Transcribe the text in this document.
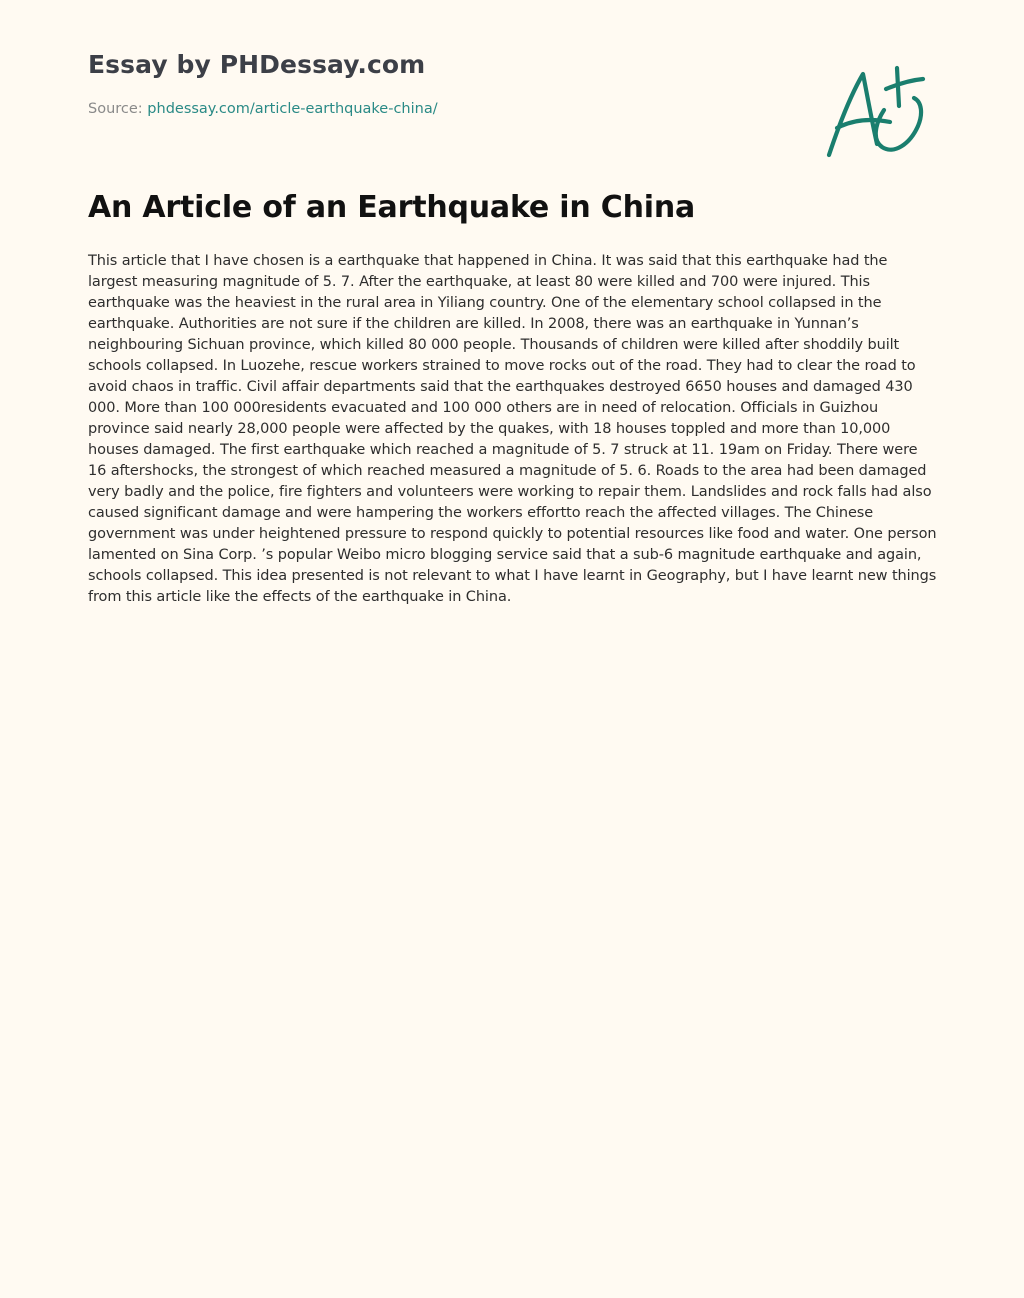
Essay by PHDessay.com
Source: phdessay.com/article-earthquake-china/
An Article of an Earthquake in China

This article that I have chosen is a earthquake that happened in China. It was said that this earthquake had the largest measuring magnitude of 5. 7. After the earthquake, at least 80 were killed and 700 were injured. This earthquake was the heaviest in the rural area in Yiliang country. One of the elementary school collapsed in the earthquake. Authorities are not sure if the children are killed. In 2008, there was an earthquake in Yunnan’s neighbouring Sichuan province, which killed 80 000 people. Thousands of children were killed after shoddily built schools collapsed. In Luozehe, rescue workers strained to move rocks out of the road. They had to clear the road to avoid chaos in traffic. Civil affair departments said that the earthquakes destroyed 6650 houses and damaged 430 000. More than 100 000residents evacuated and 100 000 others are in need of relocation. Officials in Guizhou province said nearly 28,000 people were affected by the quakes, with 18 houses toppled and more than 10,000 houses damaged. The first earthquake which reached a magnitude of 5. 7 struck at 11. 19am on Friday. There were 16 aftershocks, the strongest of which reached measured a magnitude of 5. 6. Roads to the area had been damaged very badly and the police, fire fighters and volunteers were working to repair them. Landslides and rock falls had also caused significant damage and were hampering the workers effortto reach the affected villages. The Chinese government was under heightened pressure to respond quickly to potential resources like food and water. One person lamented on Sina Corp. ’s popular Weibo micro blogging service said that a sub-6 magnitude earthquake and again, schools collapsed. This idea presented is not relevant to what I have learnt in Geography, but I have learnt new things from this article like the effects of the earthquake in China.
